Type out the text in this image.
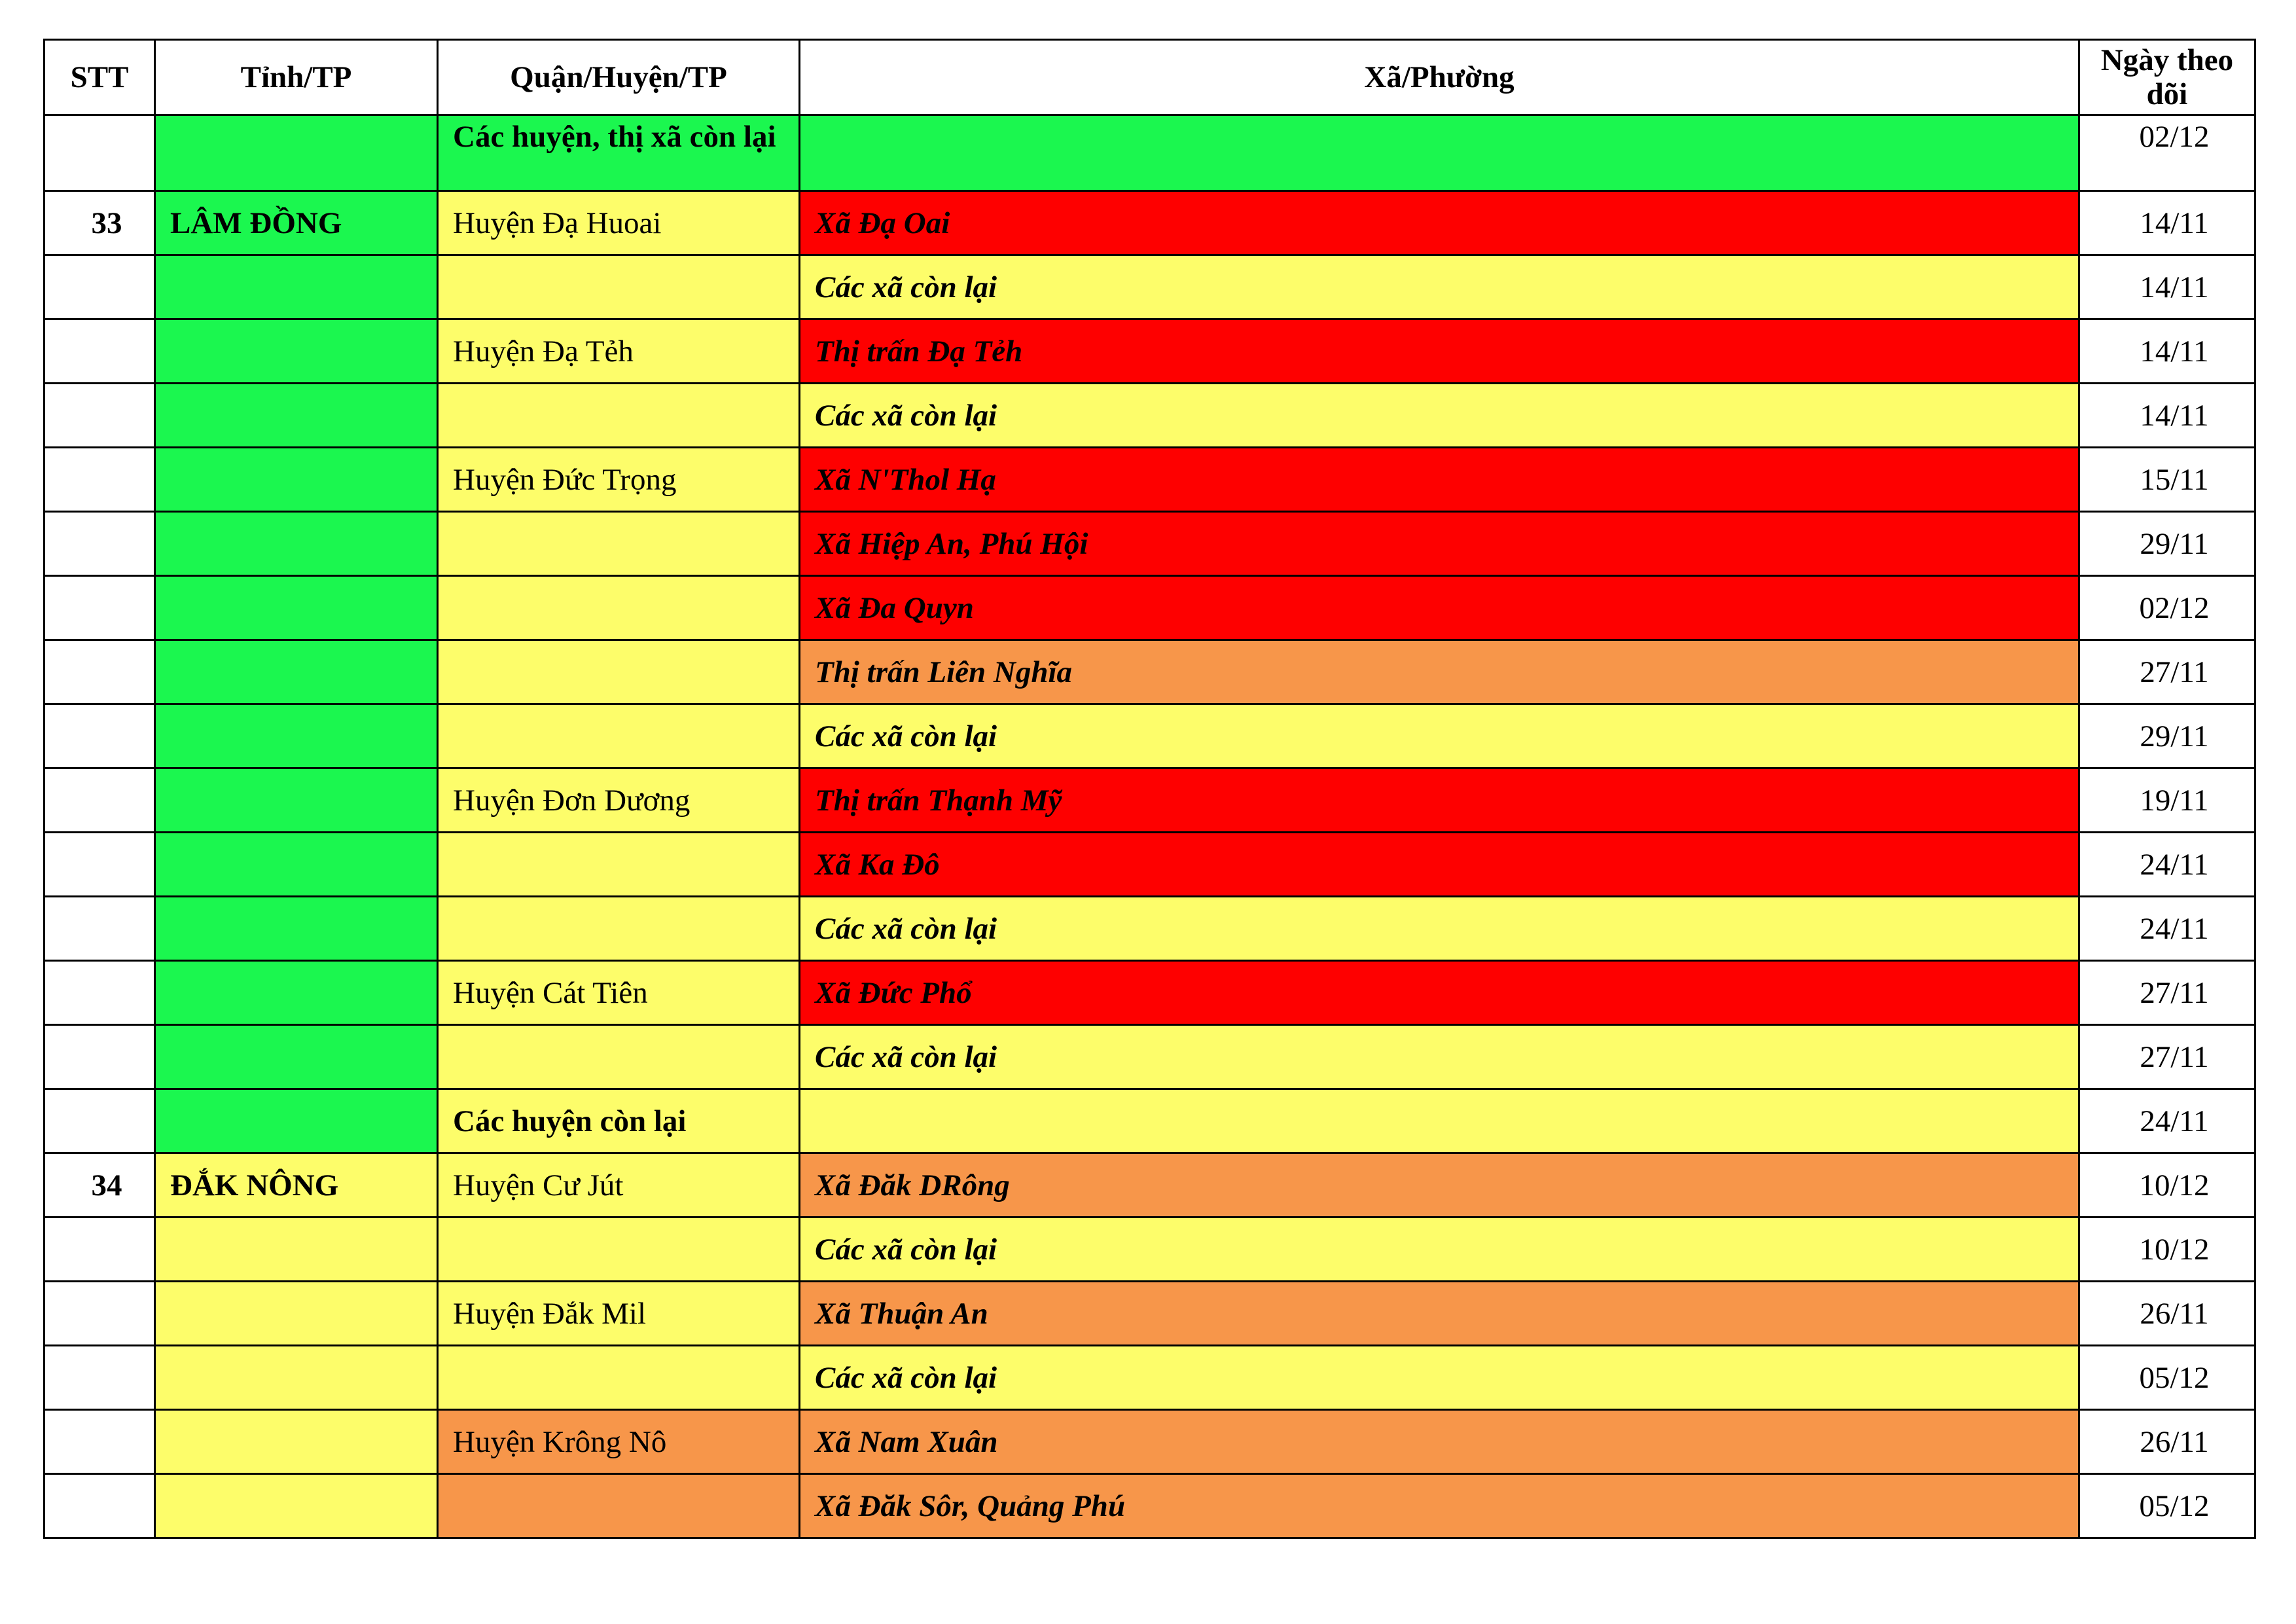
STT	Tỉnh/TP	Quận/Huyện/TP	Xã/Phường	Ngày theo dõi
		Các huyện, thị xã còn lại		02/12
33	LÂM ĐỒNG	Huyện Đạ Huoai	Xã Đạ Oai	14/11
			Các xã còn lại	14/11
		Huyện Đạ Tẻh	Thị trấn Đạ Tẻh	14/11
			Các xã còn lại	14/11
		Huyện Đức Trọng	Xã N'Thol Hạ	15/11
			Xã Hiệp An, Phú Hội	29/11
			Xã Đa Quyn	02/12
			Thị trấn Liên Nghĩa	27/11
			Các xã còn lại	29/11
		Huyện Đơn Dương	Thị trấn Thạnh Mỹ	19/11
			Xã Ka Đô	24/11
			Các xã còn lại	24/11
		Huyện Cát Tiên	Xã Đức Phổ	27/11
			Các xã còn lại	27/11
		Các huyện còn lại		24/11
34	ĐẮK NÔNG	Huyện Cư Jút	Xã Đăk DRông	10/12
			Các xã còn lại	10/12
		Huyện Đắk Mil	Xã Thuận An	26/11
			Các xã còn lại	05/12
		Huyện Krông Nô	Xã Nam Xuân	26/11
			Xã Đăk Sôr, Quảng Phú	05/12
